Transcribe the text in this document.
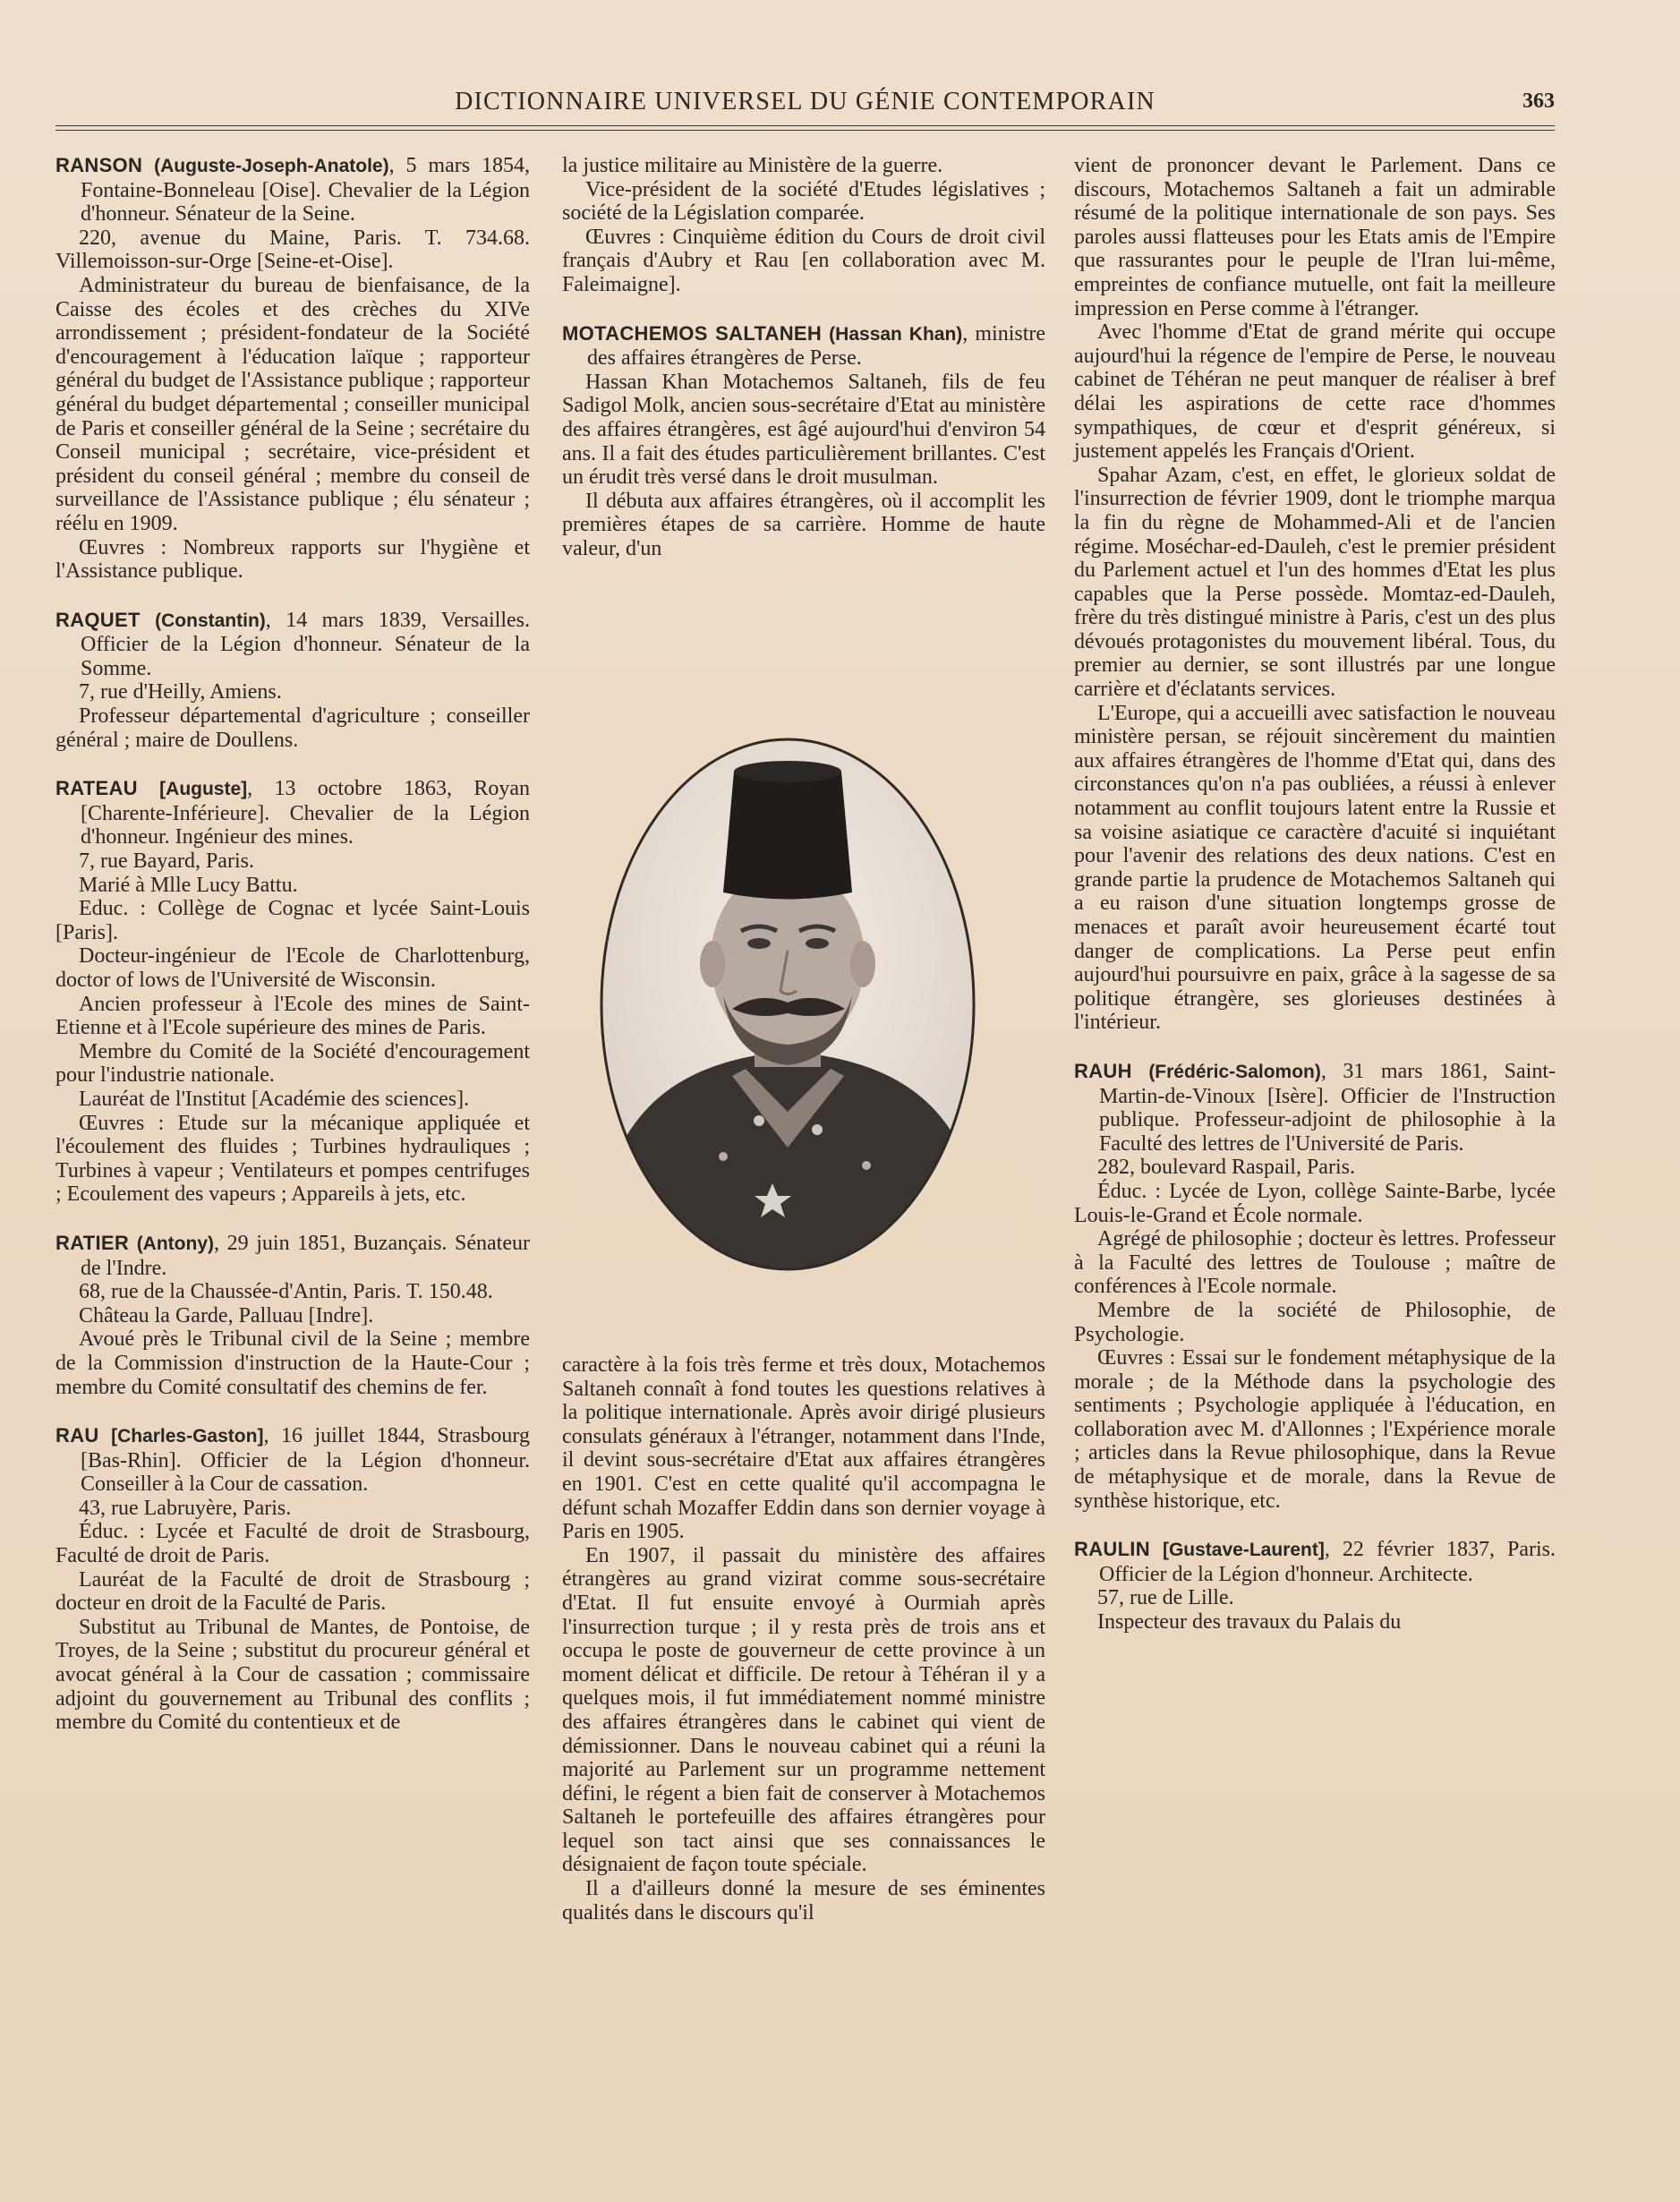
DICTIONNAIRE UNIVERSEL DU GÉNIE CONTEMPORAIN	363

RANSON (Auguste-Joseph-Anatole), 5 mars 1854, Fontaine-Bonneleau [Oise]. Chevalier de la Légion d'honneur. Sénateur de la Seine.

220, avenue du Maine, Paris. T. 734.68. Villemoisson-sur-Orge [Seine-et-Oise].

Administrateur du bureau de bienfaisance, de la Caisse des écoles et des crèches du XIVe arrondissement ; président-fondateur de la Société d'encouragement à l'éducation laïque ; rapporteur général du budget de l'Assistance publique ; rapporteur général du budget départemental ; conseiller municipal de Paris et conseiller général de la Seine ; secrétaire du Conseil municipal ; secrétaire, vice-président et président du conseil général ; membre du conseil de surveillance de l'Assistance publique ; élu sénateur ; réélu en 1909.

Œuvres : Nombreux rapports sur l'hygiène et l'Assistance publique.

RAQUET (Constantin), 14 mars 1839, Versailles. Officier de la Légion d'honneur. Sénateur de la Somme.

7, rue d'Heilly, Amiens.

Professeur départemental d'agriculture ; conseiller général ; maire de Doullens.

RATEAU [Auguste], 13 octobre 1863, Royan [Charente-Inférieure]. Chevalier de la Légion d'honneur. Ingénieur des mines.

7, rue Bayard, Paris.

Marié à Mlle Lucy Battu.

Educ. : Collège de Cognac et lycée Saint-Louis [Paris].

Docteur-ingénieur de l'Ecole de Charlottenburg, doctor of lows de l'Université de Wisconsin.

Ancien professeur à l'Ecole des mines de Saint-Etienne et à l'Ecole supérieure des mines de Paris.

Membre du Comité de la Société d'encouragement pour l'industrie nationale.

Lauréat de l'Institut [Académie des sciences].

Œuvres : Etude sur la mécanique appliquée et l'écoulement des fluides ; Turbines hydrauliques ; Turbines à vapeur ; Ventilateurs et pompes centrifuges ; Ecoulement des vapeurs ; Appareils à jets, etc.

RATIER (Antony), 29 juin 1851, Buzançais. Sénateur de l'Indre.

68, rue de la Chaussée-d'Antin, Paris. T. 150.48.

Château la Garde, Palluau [Indre].

Avoué près le Tribunal civil de la Seine ; membre de la Commission d'instruction de la Haute-Cour ; membre du Comité consultatif des chemins de fer.

RAU [Charles-Gaston], 16 juillet 1844, Strasbourg [Bas-Rhin]. Officier de la Légion d'honneur. Conseiller à la Cour de cassation.

43, rue Labruyère, Paris.

Éduc. : Lycée et Faculté de droit de Strasbourg, Faculté de droit de Paris.

Lauréat de la Faculté de droit de Strasbourg ; docteur en droit de la Faculté de Paris.

Substitut au Tribunal de Mantes, de Pontoise, de Troyes, de la Seine ; substitut du procureur général et avocat général à la Cour de cassation ; commissaire adjoint du gouvernement au Tribunal des conflits ; membre du Comité du contentieux et de

la justice militaire au Ministère de la guerre.

Vice-président de la société d'Etudes législatives ; société de la Législation comparée.

Œuvres : Cinquième édition du Cours de droit civil français d'Aubry et Rau [en collaboration avec M. Faleimaigne].

MOTACHEMOS SALTANEH (Hassan Khan), ministre des affaires étrangères de Perse.

Hassan Khan Motachemos Saltaneh, fils de feu Sadigol Molk, ancien sous-secrétaire d'Etat au ministère des affaires étrangères, est âgé aujourd'hui d'environ 54 ans. Il a fait des études particulièrement brillantes. C'est un érudit très versé dans le droit musulman.

Il débuta aux affaires étrangères, où il accomplit les premières étapes de sa carrière. Homme de haute valeur, d'un

caractère à la fois très ferme et très doux, Motachemos Saltaneh connaît à fond toutes les questions relatives à la politique internationale. Après avoir dirigé plusieurs consulats généraux à l'étranger, notamment dans l'Inde, il devint sous-secrétaire d'Etat aux affaires étrangères en 1901. C'est en cette qualité qu'il accompagna le défunt schah Mozaffer Eddin dans son dernier voyage à Paris en 1905.

En 1907, il passait du ministère des affaires étrangères au grand vizirat comme sous-secrétaire d'Etat. Il fut ensuite envoyé à Ourmiah après l'insurrection turque ; il y resta près de trois ans et occupa le poste de gouverneur de cette province à un moment délicat et difficile. De retour à Téhéran il y a quelques mois, il fut immédiatement nommé ministre des affaires étrangères dans le cabinet qui vient de démissionner. Dans le nouveau cabinet qui a réuni la majorité au Parlement sur un programme nettement défini, le régent a bien fait de conserver à Motachemos Saltaneh le portefeuille des affaires étrangères pour lequel son tact ainsi que ses connaissances le désignaient de façon toute spéciale.

Il a d'ailleurs donné la mesure de ses éminentes qualités dans le discours qu'il

vient de prononcer devant le Parlement. Dans ce discours, Motachemos Saltaneh a fait un admirable résumé de la politique internationale de son pays. Ses paroles aussi flatteuses pour les Etats amis de l'Empire que rassurantes pour le peuple de l'Iran lui-même, empreintes de confiance mutuelle, ont fait la meilleure impression en Perse comme à l'étranger.

Avec l'homme d'Etat de grand mérite qui occupe aujourd'hui la régence de l'empire de Perse, le nouveau cabinet de Téhéran ne peut manquer de réaliser à bref délai les aspirations de cette race d'hommes sympathiques, de cœur et d'esprit généreux, si justement appelés les Français d'Orient.

Spahar Azam, c'est, en effet, le glorieux soldat de l'insurrection de février 1909, dont le triomphe marqua la fin du règne de Mohammed-Ali et de l'ancien régime. Moséchar-ed-Dauleh, c'est le premier président du Parlement actuel et l'un des hommes d'Etat les plus capables que la Perse possède. Momtaz-ed-Dauleh, frère du très distingué ministre à Paris, c'est un des plus dévoués protagonistes du mouvement libéral. Tous, du premier au dernier, se sont illustrés par une longue carrière et d'éclatants services.

L'Europe, qui a accueilli avec satisfaction le nouveau ministère persan, se réjouit sincèrement du maintien aux affaires étrangères de l'homme d'Etat qui, dans des circonstances qu'on n'a pas oubliées, a réussi à enlever notamment au conflit toujours latent entre la Russie et sa voisine asiatique ce caractère d'acuité si inquiétant pour l'avenir des relations des deux nations. C'est en grande partie la prudence de Motachemos Saltaneh qui a eu raison d'une situation longtemps grosse de menaces et paraît avoir heureusement écarté tout danger de complications. La Perse peut enfin aujourd'hui poursuivre en paix, grâce à la sagesse de sa politique étrangère, ses glorieuses destinées à l'intérieur.

RAUH (Frédéric-Salomon), 31 mars 1861, Saint-Martin-de-Vinoux [Isère]. Officier de l'Instruction publique. Professeur-adjoint de philosophie à la Faculté des lettres de l'Université de Paris.

282, boulevard Raspail, Paris.

Éduc. : Lycée de Lyon, collège Sainte-Barbe, lycée Louis-le-Grand et École normale.

Agrégé de philosophie ; docteur ès lettres. Professeur à la Faculté des lettres de Toulouse ; maître de conférences à l'Ecole normale.

Membre de la société de Philosophie, de Psychologie.

Œuvres : Essai sur le fondement métaphysique de la morale ; de la Méthode dans la psychologie des sentiments ; Psychologie appliquée à l'éducation, en collaboration avec M. d'Allonnes ; l'Expérience morale ; articles dans la Revue philosophique, dans la Revue de métaphysique et de morale, dans la Revue de synthèse historique, etc.

RAULIN [Gustave-Laurent], 22 février 1837, Paris. Officier de la Légion d'honneur. Architecte.

57, rue de Lille.

Inspecteur des travaux du Palais du
